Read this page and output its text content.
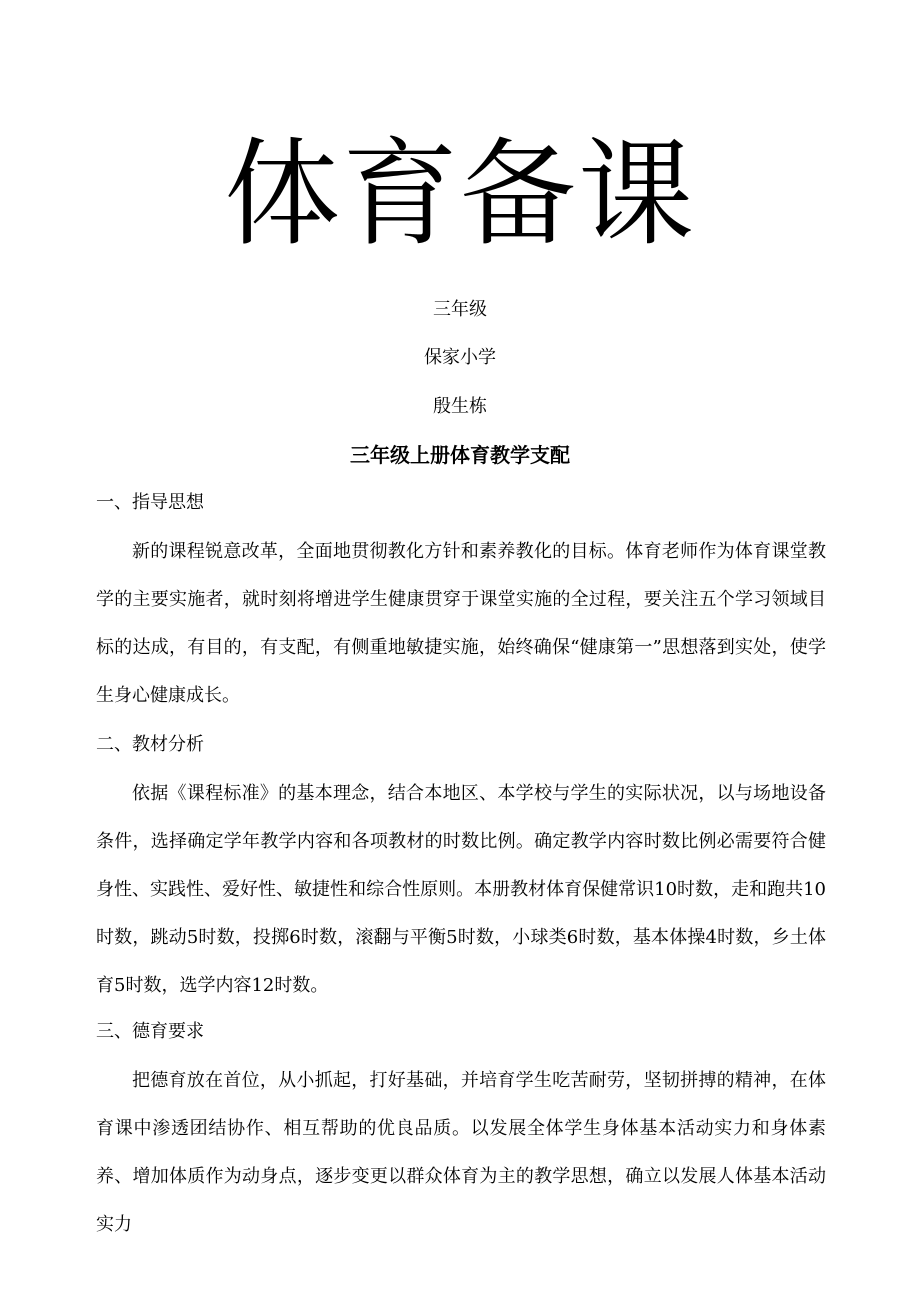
体育备课
三年级
保家小学
殷生栋
三年级上册体育教学支配
一、指导思想

新的课程锐意改革，全面地贯彻教化方针和素养教化的目标。体育老师作为体育课堂教学的主要实施者，就时刻将增进学生健康贯穿于课堂实施的全过程，要关注五个学习领域目标的达成，有目的，有支配，有侧重地敏捷实施，始终确保“健康第一”思想落到实处，使学生身心健康成长。

二、教材分析

依据《课程标准》的基本理念，结合本地区、本学校与学生的实际状况，以与场地设备条件，选择确定学年教学内容和各项教材的时数比例。确定教学内容时数比例必需要符合健身性、实践性、爱好性、敏捷性和综合性原则。本册教材体育保健常识10时数，走和跑共10时数，跳动5时数，投掷6时数，滚翻与平衡5时数，小球类6时数，基本体操4时数，乡土体育5时数，选学内容12时数。

三、德育要求

把德育放在首位，从小抓起，打好基础，并培育学生吃苦耐劳，坚韧拼搏的精神，在体育课中渗透团结协作、相互帮助的优良品质。以发展全体学生身体基本活动实力和身体素养、增加体质作为动身点，逐步变更以群众体育为主的教学思想，确立以发展人体基本活动实力
